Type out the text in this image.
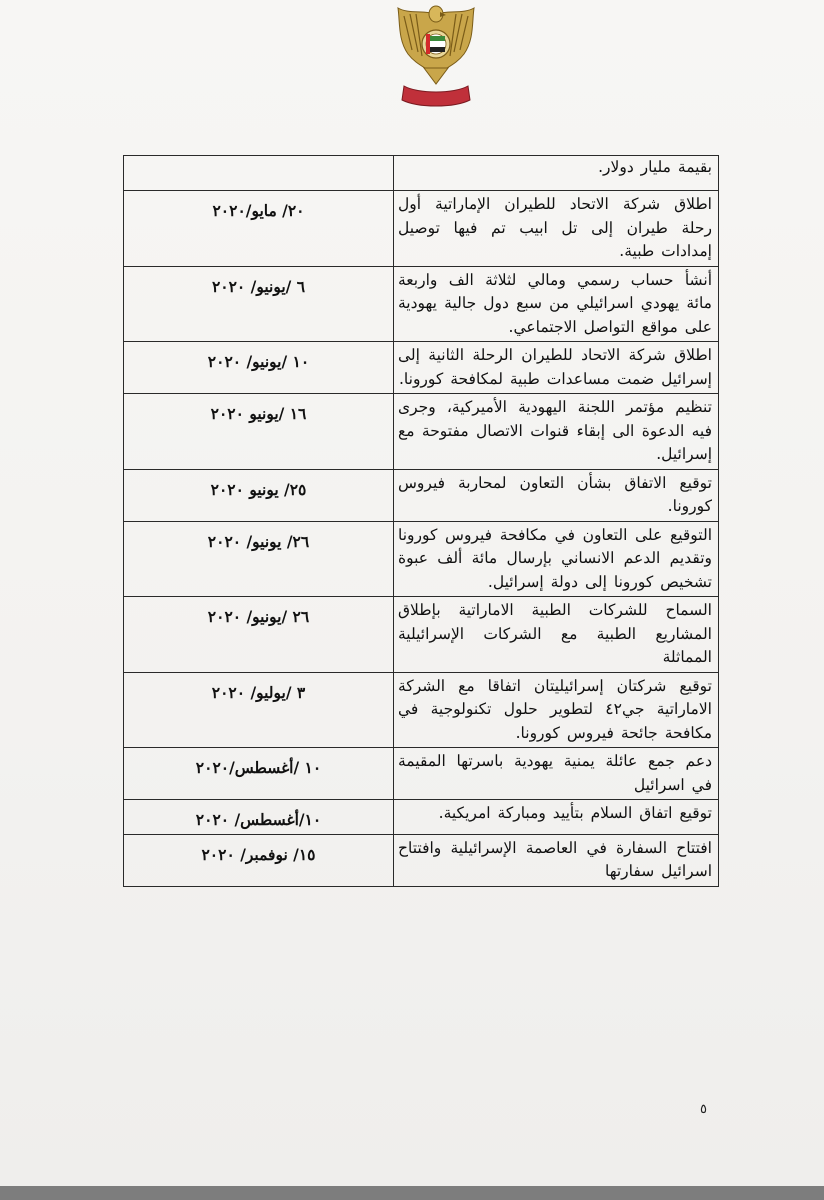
بقيمة مليار دولار.	
اطلاق شركة الاتحاد للطيران الإماراتية أول رحلة طيران إلى تل ابيب تم فيها توصيل إمدادات طبية.	٢٠/ مايو/٢٠٢٠
أنشأ حساب رسمي ومالي لثلاثة الف واربعة مائة يهودي اسرائيلي من سبع دول جالية يهودية على مواقع التواصل الاجتماعي.	٦ /يونيو/ ٢٠٢٠
اطلاق شركة الاتحاد للطيران الرحلة الثانية إلى إسرائيل ضمت مساعدات طبية لمكافحة كورونا.	١٠ /يونيو/ ٢٠٢٠
تنظيم مؤتمر اللجنة اليهودية الأميركية، وجرى فيه الدعوة الى إبقاء قنوات الاتصال مفتوحة مع إسرائيل.	١٦ /يونيو ٢٠٢٠
توقيع الاتفاق بشأن التعاون لمحاربة فيروس كورونا.	٢٥/ يونيو ٢٠٢٠
التوقيع على التعاون في مكافحة فيروس كورونا وتقديم الدعم الانساني بإرسال مائة ألف عبوة تشخيص كورونا إلى دولة إسرائيل.	٢٦/ يونيو/ ٢٠٢٠
السماح للشركات الطبية الاماراتية بإطلاق المشاريع الطبية مع الشركات الإسرائيلية المماثلة	٢٦ /يونيو/ ٢٠٢٠
توقيع شركتان إسرائيليتان اتفاقا مع الشركة الاماراتية جي٤٢ لتطوير حلول تكنولوجية في مكافحة جائحة فيروس كورونا.	٣ /يوليو/ ٢٠٢٠
دعم جمع عائلة يمنية يهودية باسرتها المقيمة في اسرائيل	١٠ /أغسطس/٢٠٢٠
توقيع اتفاق السلام بتأييد ومباركة امريكية.	١٠/أغسطس/ ٢٠٢٠
افتتاح السفارة في العاصمة الإسرائيلية وافتتاح اسرائيل سفارتها	١٥/ نوفمبر/ ٢٠٢٠
٥
